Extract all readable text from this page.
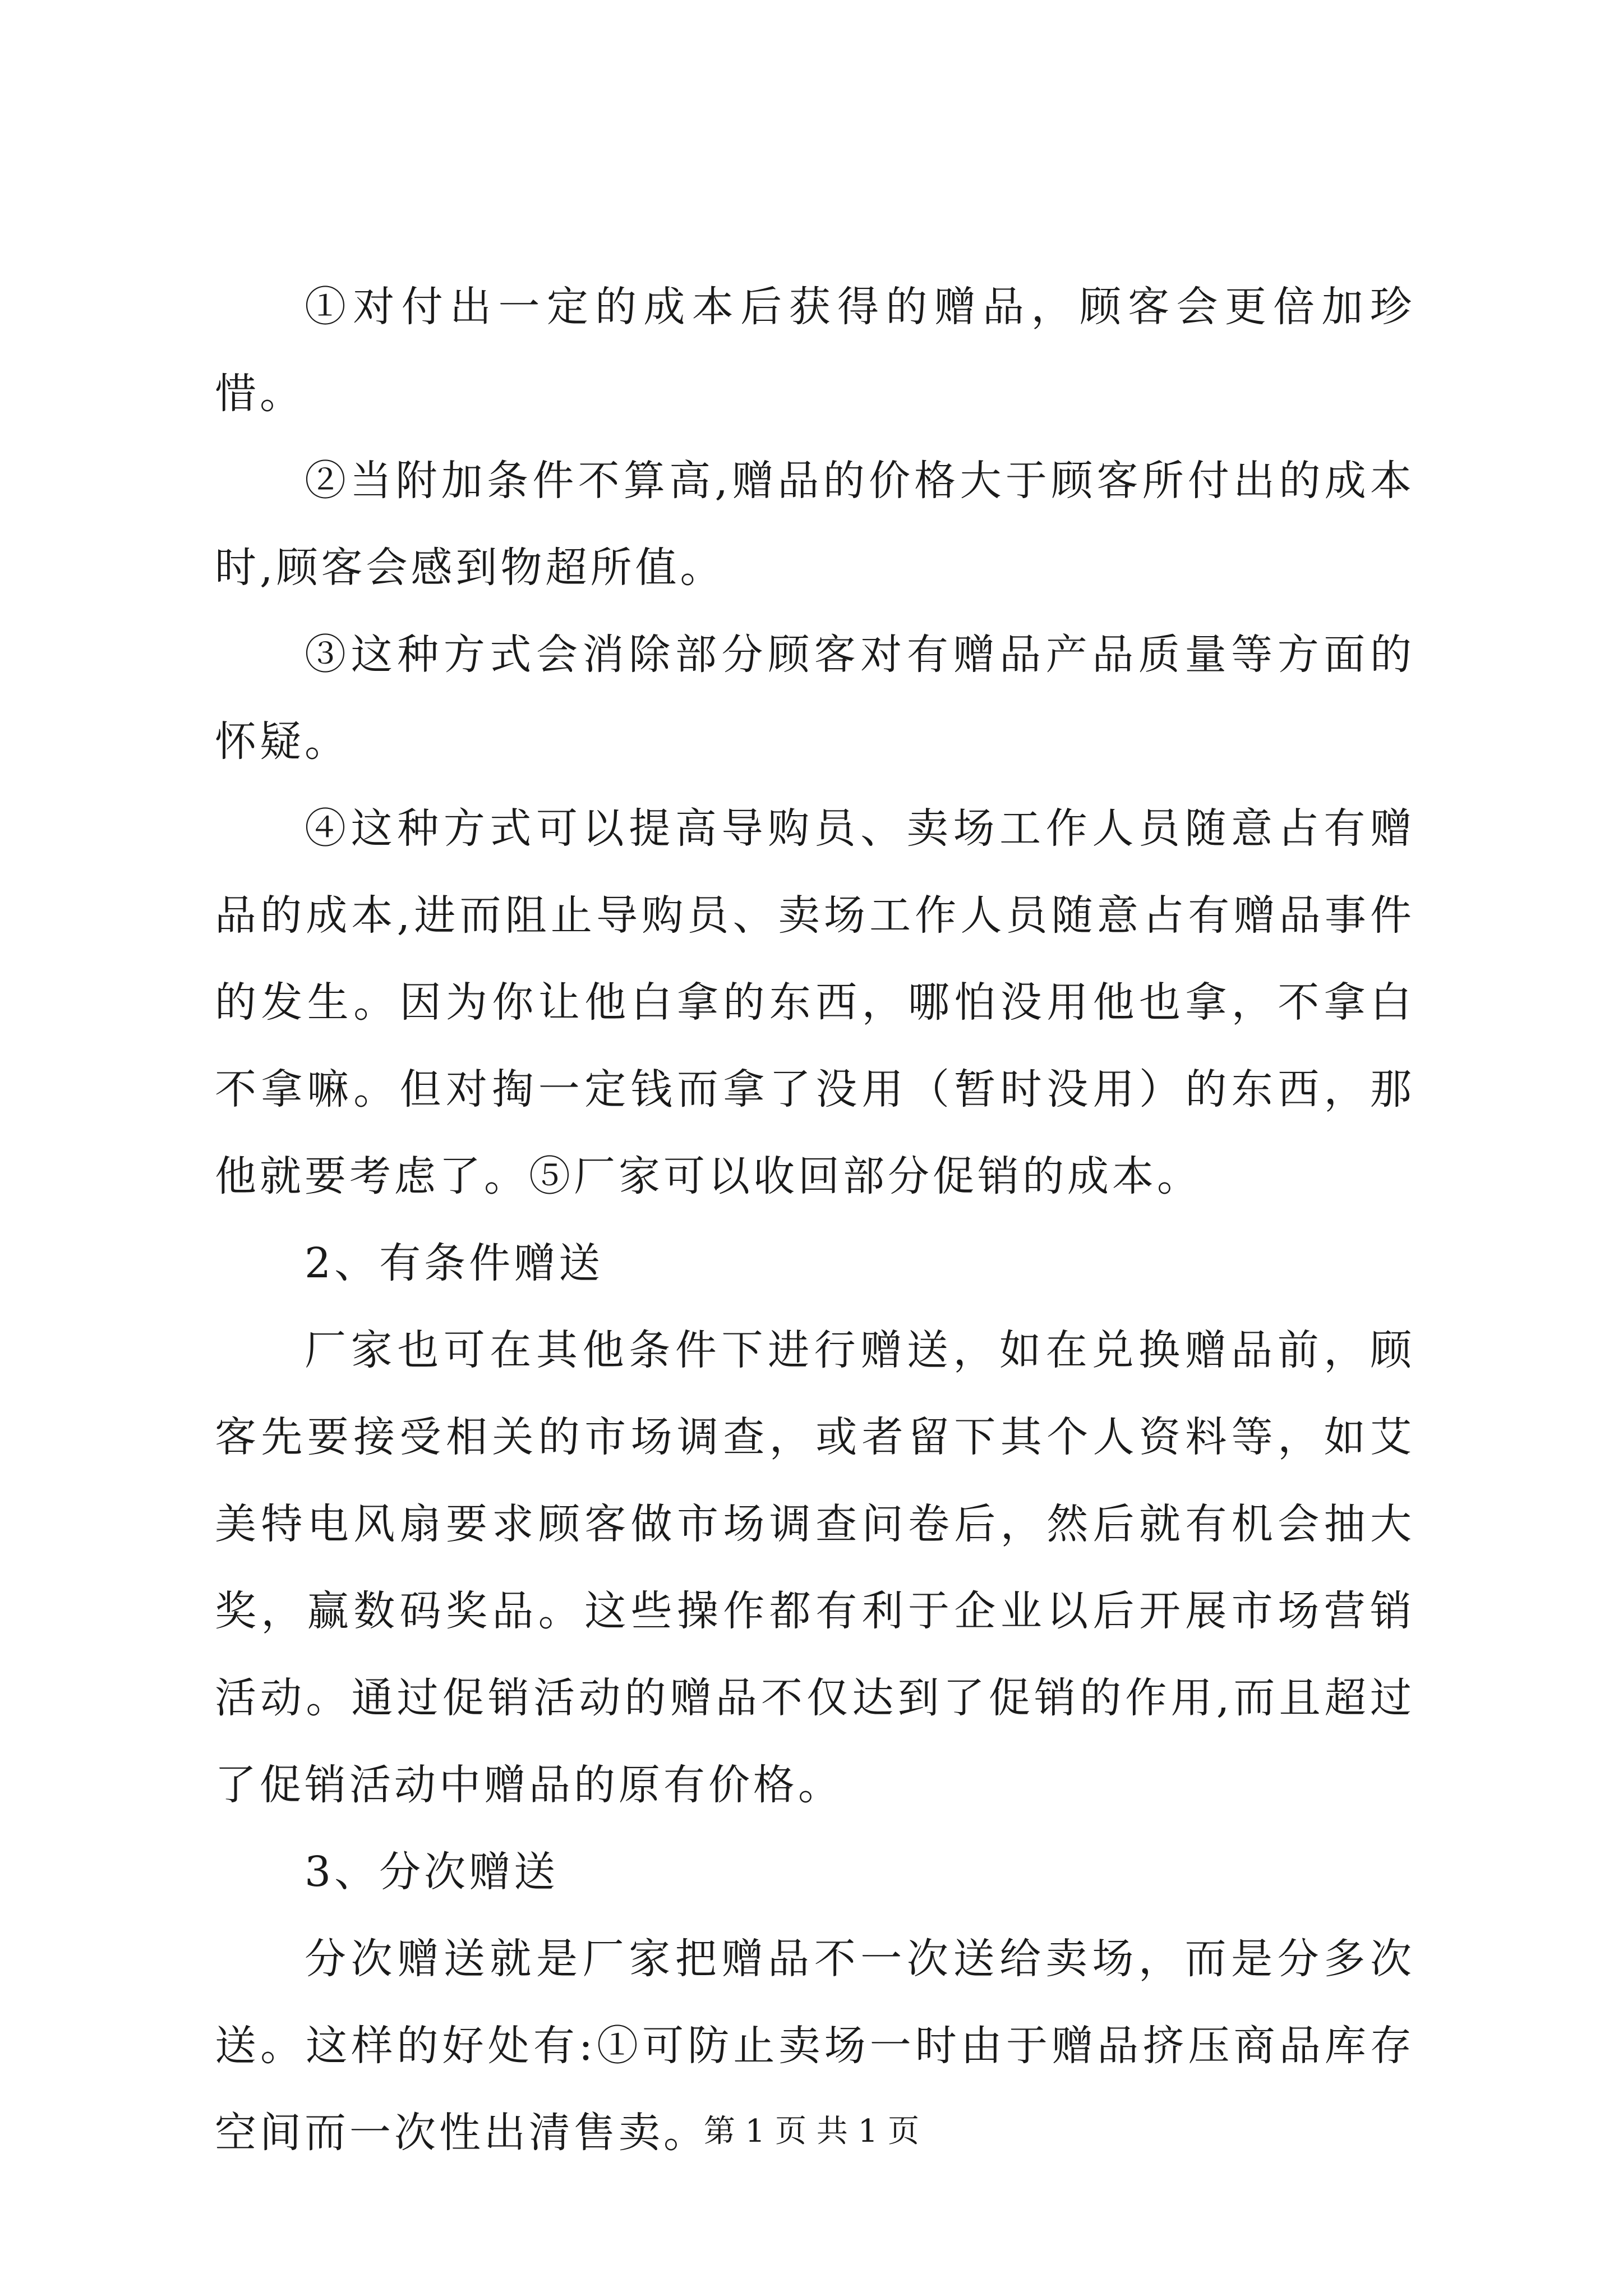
①对付出一定的成本后获得的赠品，顾客会更倍加珍惜。

②当附加条件不算高,赠品的价格大于顾客所付出的成本时,顾客会感到物超所值。

③这种方式会消除部分顾客对有赠品产品质量等方面的怀疑。

④这种方式可以提高导购员、卖场工作人员随意占有赠品的成本,进而阻止导购员、卖场工作人员随意占有赠品事件的发生。因为你让他白拿的东西，哪怕没用他也拿，不拿白不拿嘛。但对掏一定钱而拿了没用（暂时没用）的东西，那他就要考虑了。⑤厂家可以收回部分促销的成本。

2、有条件赠送

厂家也可在其他条件下进行赠送，如在兑换赠品前，顾客先要接受相关的市场调查，或者留下其个人资料等，如艾美特电风扇要求顾客做市场调查问卷后，然后就有机会抽大奖，赢数码奖品。这些操作都有利于企业以后开展市场营销活动。通过促销活动的赠品不仅达到了促销的作用,而且超过了促销活动中赠品的原有价格。

3、分次赠送

分次赠送就是厂家把赠品不一次送给卖场，而是分多次送。这样的好处有:①可防止卖场一时由于赠品挤压商品库存空间而一次性出清售卖。

第 1 页 共 1 页
